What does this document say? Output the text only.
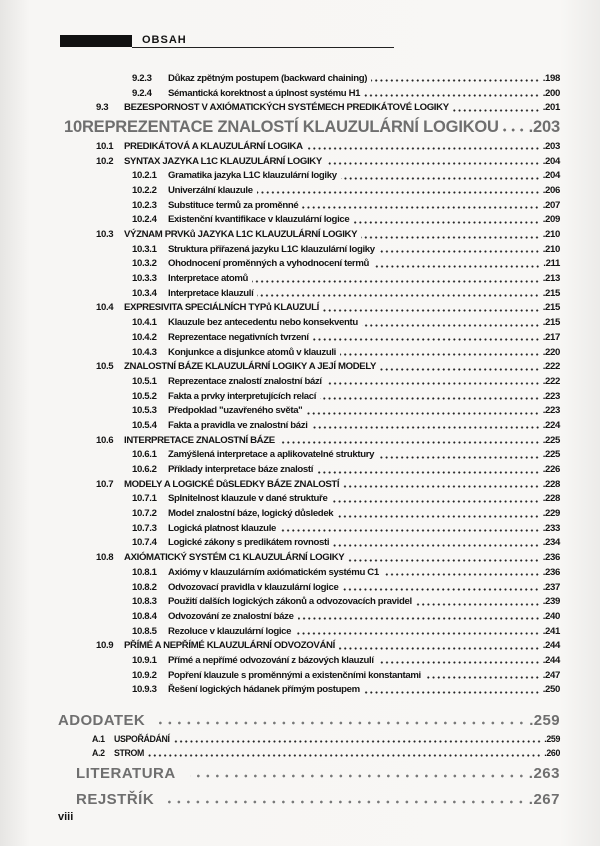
OBSAH
9.2.3	Důkaz zpětným postupem (backward chaining)	.198
9.2.4	Sémantická korektnost a úplnost systému H1	.200
9.3	BEZESPORNOST V AXIÓMATICKÝCH SYSTÉMECH PREDIKÁTOVÉ LOGIKY	.201
10 REPREZENTACE ZNALOSTÍ KLAUZULÁRNÍ LOGIKOU .203
10.1	PREDIKÁTOVÁ A KLAUZULÁRNÍ LOGIKA	.203
10.2	SYNTAX JAZYKA L1C KLAUZULÁRNÍ LOGIKY	.204
10.2.1	Gramatika jazyka L1C klauzulární logiky	.204
10.2.2	Univerzální klauzule	.206
10.2.3	Substituce termů za proměnné	.207
10.2.4	Existenční kvantifikace v klauzulární logice	.209
10.3	VÝZNAM PRVKů JAZYKA L1C KLAUZULÁRNÍ LOGIKY	.210
10.3.1	Struktura přiřazená jazyku L1C klauzulární logiky	.210
10.3.2	Ohodnocení proměnných a vyhodnocení termů	.211
10.3.3	Interpretace atomů	.213
10.3.4	Interpretace klauzulí	.215
10.4	EXPRESIVITA SPECIÁLNÍCH TYPů KLAUZULÍ	.215
10.4.1	Klauzule bez antecedentu nebo konsekventu	.215
10.4.2	Reprezentace negativních tvrzení	.217
10.4.3	Konjunkce a disjunkce atomů v klauzuli	.220
10.5	ZNALOSTNÍ BÁZE KLAUZULÁRNÍ LOGIKY A JEJÍ MODELY	.222
10.5.1	Reprezentace znalostí znalostní bází	.222
10.5.2	Fakta a prvky interpretujících relací	.223
10.5.3	Předpoklad "uzavřeného světa"	.223
10.5.4	Fakta a pravidla ve znalostní bázi	.224
10.6	INTERPRETACE ZNALOSTNÍ BÁZE	.225
10.6.1	Zamýšlená interpretace a aplikovatelné struktury	.225
10.6.2	Příklady interpretace báze znalostí	.226
10.7	MODELY A LOGICKÉ DůSLEDKY BÁZE ZNALOSTÍ	.228
10.7.1	Splnitelnost klauzule v dané struktuře	.228
10.7.2	Model znalostní báze, logický důsledek	.229
10.7.3	Logická platnost klauzule	.233
10.7.4	Logické zákony s predikátem rovnosti	.234
10.8	AXIÓMATICKÝ SYSTÉM C1 KLAUZULÁRNÍ LOGIKY	.236
10.8.1	Axiómy v klauzulárním axiómatickém systému C1	.236
10.8.2	Odvozovací pravidla v klauzulární logice	.237
10.8.3	Použití dalších logických zákonů a odvozovacích pravidel	.239
10.8.4	Odvozování ze znalostní báze	.240
10.8.5	Rezoluce v klauzulární logice	.241
10.9	PŘÍMÉ A NEPŘÍMÉ KLAUZULÁRNÍ ODVOZOVÁNÍ	.244
10.9.1	Přímé a nepřímé odvozování z bázových klauzulí	.244
10.9.2	Popření klauzule s proměnnými a existenčními konstantami	.247
10.9.3	Řešení logických hádanek přímým postupem	.250
A DODATEK	.259
A.1	USPOŘÁDÁNÍ	.259
A.2	STROM	.260
LITERATURA	.263
REJSTŘÍK	.267
viii
